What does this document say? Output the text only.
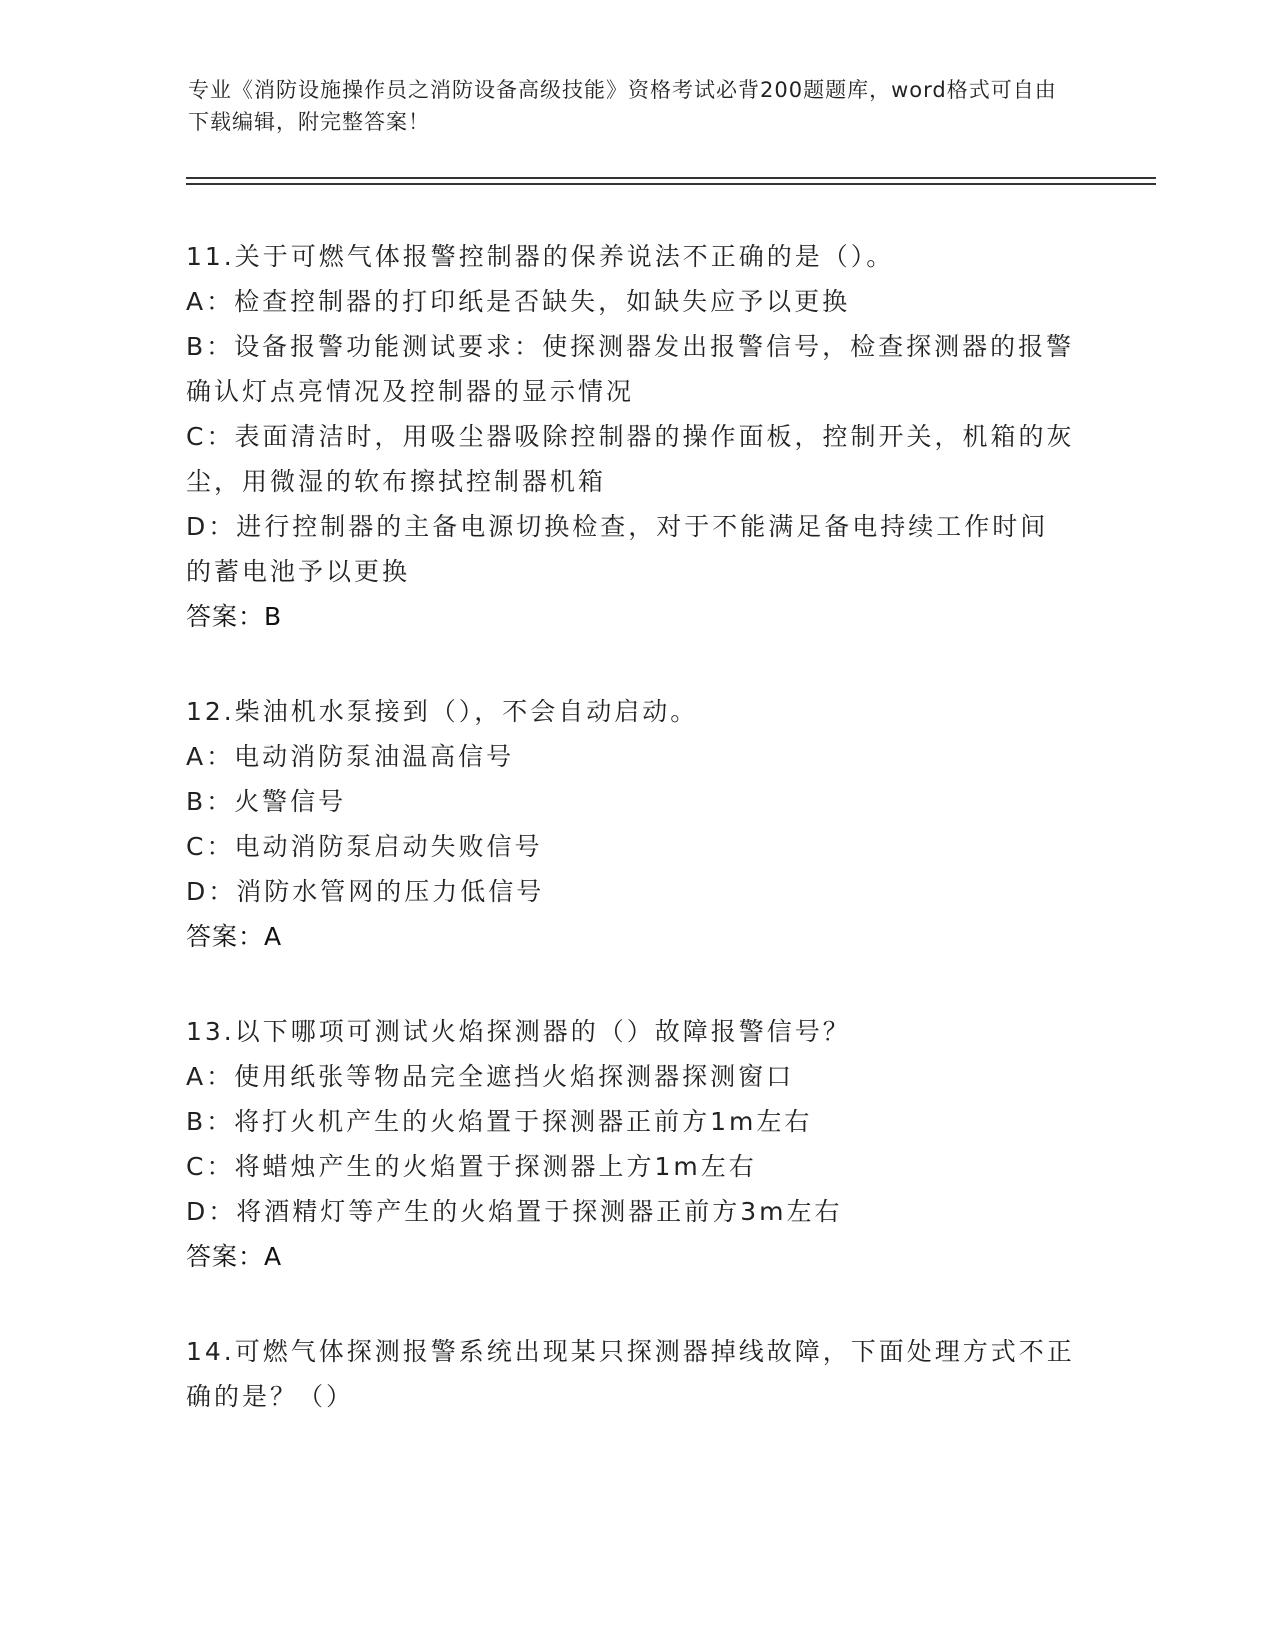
专业《消防设施操作员之消防设备高级技能》资格考试必背200题题库，word格式可自由下载编辑，附完整答案！
11.关于可燃气体报警控制器的保养说法不正确的是（）。
A：检查控制器的打印纸是否缺失，如缺失应予以更换
B：设备报警功能测试要求：使探测器发出报警信号，检查探测器的报警确认灯点亮情况及控制器的显示情况
C：表面清洁时，用吸尘器吸除控制器的操作面板，控制开关，机箱的灰尘，用微湿的软布擦拭控制器机箱
D：进行控制器的主备电源切换检查，对于不能满足备电持续工作时间的蓄电池予以更换
答案：B
12.柴油机水泵接到（），不会自动启动。
A：电动消防泵油温高信号
B：火警信号
C：电动消防泵启动失败信号
D：消防水管网的压力低信号
答案：A
13.以下哪项可测试火焰探测器的（）故障报警信号？
A：使用纸张等物品完全遮挡火焰探测器探测窗口
B：将打火机产生的火焰置于探测器正前方1m左右
C：将蜡烛产生的火焰置于探测器上方1m左右
D：将酒精灯等产生的火焰置于探测器正前方3m左右
答案：A
14.可燃气体探测报警系统出现某只探测器掉线故障，下面处理方式不正确的是？（）
